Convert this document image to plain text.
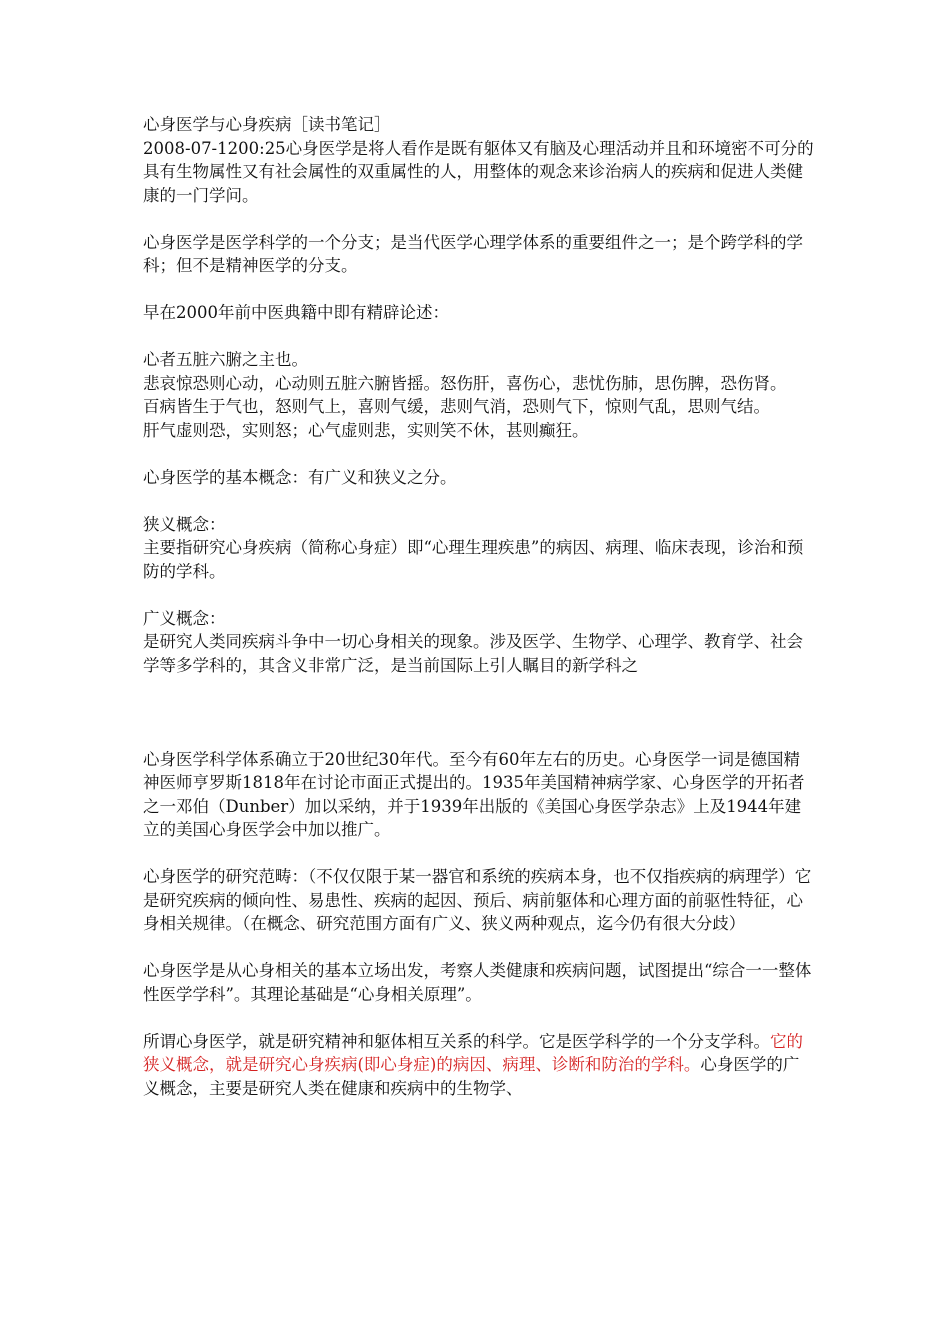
心身医学与心身疾病［读书笔记］
2008-07-1200:25心身医学是将人看作是既有躯体又有脑及心理活动并且和环境密不可分的具有生物属性又有社会属性的双重属性的人，用整体的观念来诊治病人的疾病和促进人类健康的一门学问。

心身医学是医学科学的一个分支；是当代医学心理学体系的重要组件之一；是个跨学科的学科；但不是精神医学的分支。

早在2000年前中医典籍中即有精辟论述：

心者五脏六腑之主也。
悲哀惊恐则心动，心动则五脏六腑皆摇。怒伤肝，喜伤心，悲忧伤肺，思伤脾，恐伤肾。
百病皆生于气也，怒则气上，喜则气缓，悲则气消，恐则气下，惊则气乱，思则气结。
肝气虚则恐，实则怒；心气虚则悲，实则笑不休，甚则癫狂。

心身医学的基本概念：有广义和狭义之分。

狭义概念：
主要指研究心身疾病（简称心身症）即“心理生理疾患”的病因、病理、临床表现，诊治和预防的学科。

广义概念：
是研究人类同疾病斗争中一切心身相关的现象。涉及医学、生物学、心理学、教育学、社会学等多学科的，其含义非常广泛，是当前国际上引人瞩目的新学科之

心身医学科学体系确立于20世纪30年代。至今有60年左右的历史。心身医学一词是德国精神医师亨罗斯1818年在讨论市面正式提出的。1935年美国精神病学家、心身医学的开拓者之一邓伯（Dunber）加以采纳，并于1939年出版的《美国心身医学杂志》上及1944年建立的美国心身医学会中加以推广。

心身医学的研究范畴：（不仅仅限于某一器官和系统的疾病本身，也不仅指疾病的病理学）它是研究疾病的倾向性、易患性、疾病的起因、预后、病前躯体和心理方面的前驱性特征，心身相关规律。（在概念、研究范围方面有广义、狭义两种观点，迄今仍有很大分歧）

心身医学是从心身相关的基本立场出发，考察人类健康和疾病问题，试图提出“综合一一整体性医学学科”。其理论基础是“心身相关原理”。

所谓心身医学，就是研究精神和躯体相互关系的科学。它是医学科学的一个分支学科。它的狭义概念，就是研究心身疾病(即心身症)的病因、病理、诊断和防治的学科。心身医学的广义概念，主要是研究人类在健康和疾病中的生物学、
